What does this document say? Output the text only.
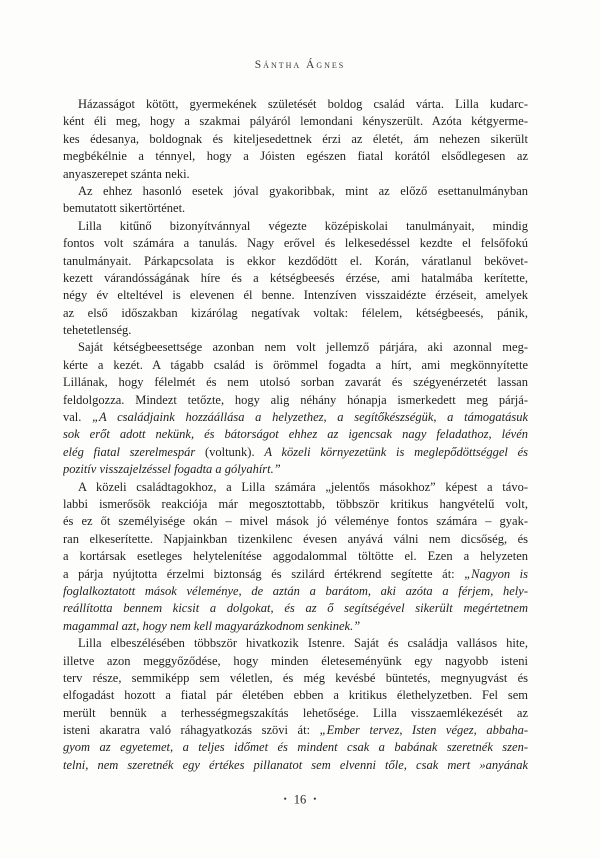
Sántha Ágnes
Házasságot kötött, gyermekének születését boldog család várta. Lilla kudarc-
ként éli meg, hogy a szakmai pályáról lemondani kényszerült. Azóta kétgyerme-
kes édesanya, boldognak és kiteljesedettnek érzi az életét, ám nehezen sikerült
megbékélnie a ténnyel, hogy a Jóisten egészen fiatal korától elsődlegesen az
anyaszerepet szánta neki.
Az ehhez hasonló esetek jóval gyakoribbak, mint az előző esettanulmányban
bemutatott sikertörténet.
Lilla kitűnő bizonyítvánnyal végezte középiskolai tanulmányait, mindig
fontos volt számára a tanulás. Nagy erővel és lelkesedéssel kezdte el felsőfokú
tanulmányait. Párkapcsolata is ekkor kezdődött el. Korán, váratlanul bekövet-
kezett várandósságának híre és a kétségbeesés érzése, ami hatalmába kerítette,
négy év elteltével is elevenen él benne. Intenzíven visszaidézte érzéseit, amelyek
az első időszakban kizárólag negatívak voltak: félelem, kétségbeesés, pánik,
tehetetlenség.
Saját kétségbeesettsége azonban nem volt jellemző párjára, aki azonnal meg-
kérte a kezét. A tágabb család is örömmel fogadta a hírt, ami megkönnyítette
Lillának, hogy félelmét és nem utolsó sorban zavarát és szégyenérzetét lassan
feldolgozza. Mindezt tetőzte, hogy alig néhány hónapja ismerkedett meg párjá-
val. „A családjaink hozzáállása a helyzethez, a segítőkészségük, a támogatásuk
sok erőt adott nekünk, és bátorságot ehhez az igencsak nagy feladathoz, lévén
elég fiatal szerelmespár (voltunk). A közeli környezetünk is meglepődöttséggel és
pozitív visszajelzéssel fogadta a gólyahírt.”
A közeli családtagokhoz, a Lilla számára „jelentős másokhoz” képest a távo-
labbi ismerősök reakciója már megosztottabb, többször kritikus hangvételű volt,
és ez őt személyisége okán – mivel mások jó véleménye fontos számára – gyak-
ran elkeserítette. Napjainkban tizenkilenc évesen anyává válni nem dicsőség, és
a kortársak esetleges helytelenítése aggodalommal töltötte el. Ezen a helyzeten
a párja nyújtotta érzelmi biztonság és szilárd értékrend segítette át: „Nagyon is
foglalkoztatott mások véleménye, de aztán a barátom, aki azóta a férjem, hely-
reállította bennem kicsit a dolgokat, és az ő segítségével sikerült megértetnem
magammal azt, hogy nem kell magyarázkodnom senkinek.”
Lilla elbeszélésében többször hivatkozik Istenre. Saját és családja vallásos hite,
illetve azon meggyőződése, hogy minden életeseményünk egy nagyobb isteni
terv része, semmiképp sem véletlen, és még kevésbé büntetés, megnyugvást és
elfogadást hozott a fiatal pár életében ebben a kritikus élethelyzetben. Fel sem
merült bennük a terhességmegszakítás lehetősége. Lilla visszaemlékezését az
isteni akaratra való ráhagyatkozás szövi át: „Ember tervez, Isten végez, abbaha-
gyom az egyetemet, a teljes időmet és mindent csak a babának szeretnék szen-
telni, nem szeretnék egy értékes pillanatot sem elvenni tőle, csak mert »anyának
• 16 •
